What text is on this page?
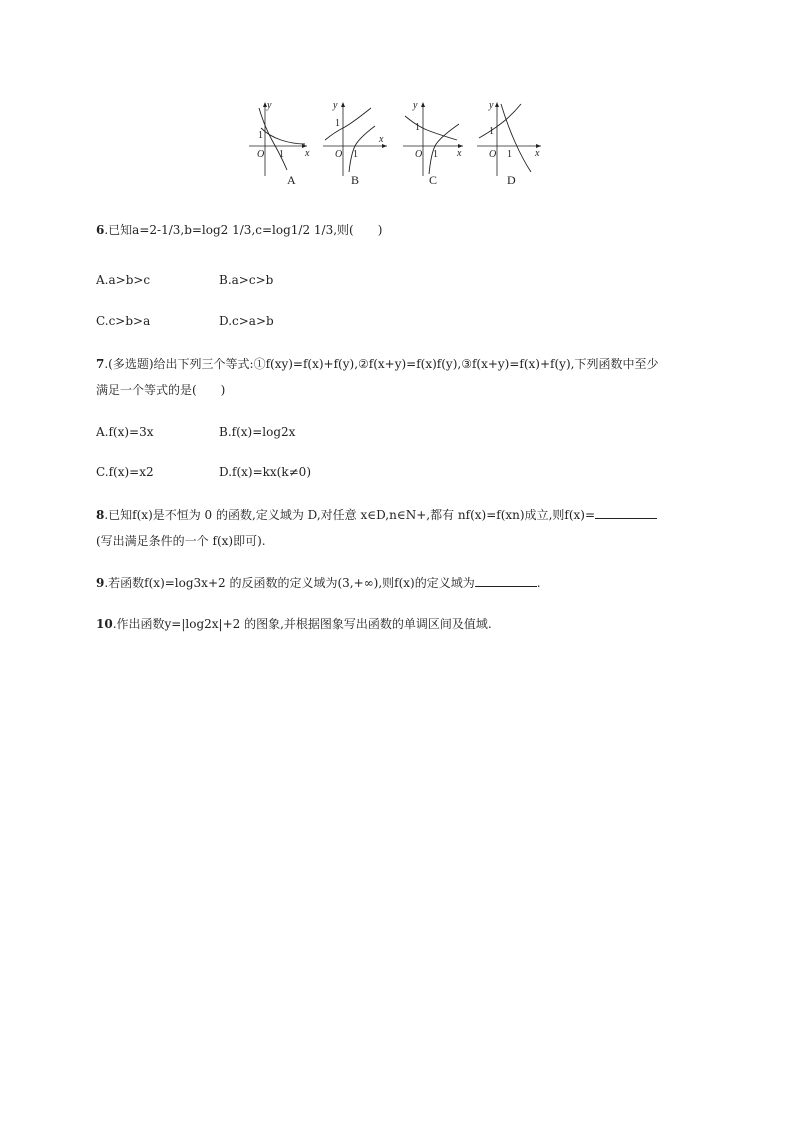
y
x
O
1
1
A
y
x
O
1
1
B
y
x
O
1
1
C
y
x
O
1
1
D
6.已知a=2-1/3,b=log2 1/3,c=log1/2 1/3,则(　　)
A.a>b>c	B.a>c>b
C.c>b>a	D.c>a>b
7.(多选题)给出下列三个等式:①f(xy)=f(x)+f(y),②f(x+y)=f(x)f(y),③f(x+y)=f(x)+f(y),下列函数中至少
满足一个等式的是(　　)
A.f(x)=3x	B.f(x)=log2x
C.f(x)=x2	D.f(x)=kx(k≠0)
8.已知f(x)是不恒为 0 的函数,定义域为 D,对任意 x∈D,n∈N+,都有 nf(x)=f(xn)成立,则f(x)=
(写出满足条件的一个 f(x)即可).
9.若函数f(x)=log3x+2 的反函数的定义域为(3,+∞),则f(x)的定义域为	.
10.作出函数y=|log2x|+2 的图象,并根据图象写出函数的单调区间及值域.
